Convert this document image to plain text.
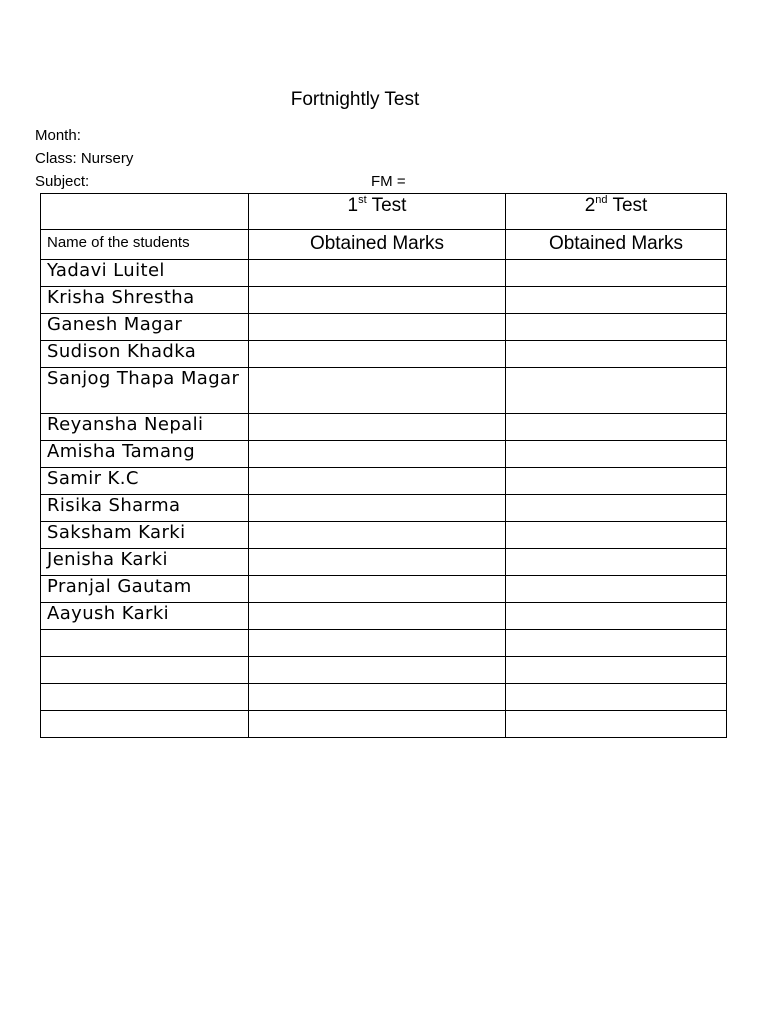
Fortnightly Test
Month:
Class: Nursery
Subject:	FM =
	1st Test	2nd Test
Name of the students	Obtained Marks	Obtained Marks
Yadavi Luitel		
Krisha Shrestha		
Ganesh Magar		
Sudison Khadka		
Sanjog Thapa Magar		
Reyansha Nepali		
Amisha Tamang		
Samir K.C		
Risika Sharma		
Saksham Karki		
Jenisha Karki		
Pranjal Gautam		
Aayush Karki		
